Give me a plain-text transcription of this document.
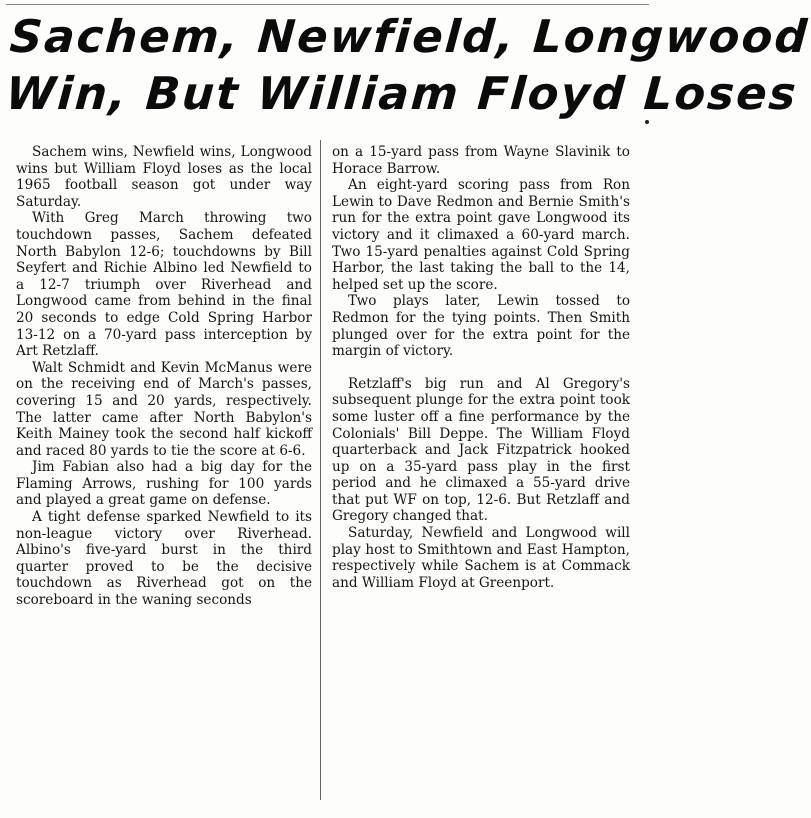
Sachem, Newfield, Longwood
Win, But William Floyd Loses

Sachem wins, Newfield wins, Longwood wins but William Floyd loses as the local 1965 football season got under way Saturday.

With Greg March throwing two touchdown passes, Sachem defeated North Babylon 12-6; touchdowns by Bill Seyfert and Richie Albino led Newfield to a 12-7 triumph over Riverhead and Longwood came from behind in the final 20 seconds to edge Cold Spring Harbor 13-12 on a 70-yard pass interception by Art Retzlaff.

Walt Schmidt and Kevin McManus were on the receiving end of March's passes, covering 15 and 20 yards, respectively. The latter came after North Babylon's Keith Mainey took the second half kickoff and raced 80 yards to tie the score at 6-6.

Jim Fabian also had a big day for the Flaming Arrows, rushing for 100 yards and played a great game on defense.

A tight defense sparked Newfield to its non-league victory over Riverhead. Albino's five-yard burst in the third quarter proved to be the decisive touchdown as Riverhead got on the scoreboard in the waning seconds

on a 15-yard pass from Wayne Slavinik to Horace Barrow.

An eight-yard scoring pass from Ron Lewin to Dave Redmon and Bernie Smith's run for the extra point gave Longwood its victory and it climaxed a 60-yard march. Two 15-yard penalties against Cold Spring Harbor, the last taking the ball to the 14, helped set up the score.

Two plays later, Lewin tossed to Redmon for the tying points. Then Smith plunged over for the extra point for the margin of victory.

Retzlaff's big run and Al Gregory's subsequent plunge for the extra point took some luster off a fine performance by the Colonials' Bill Deppe. The William Floyd quarterback and Jack Fitzpatrick hooked up on a 35-yard pass play in the first period and he climaxed a 55-yard drive that put WF on top, 12-6. But Retzlaff and Gregory changed that.

Saturday, Newfield and Longwood will play host to Smithtown and East Hampton, respectively while Sachem is at Commack and William Floyd at Greenport.
